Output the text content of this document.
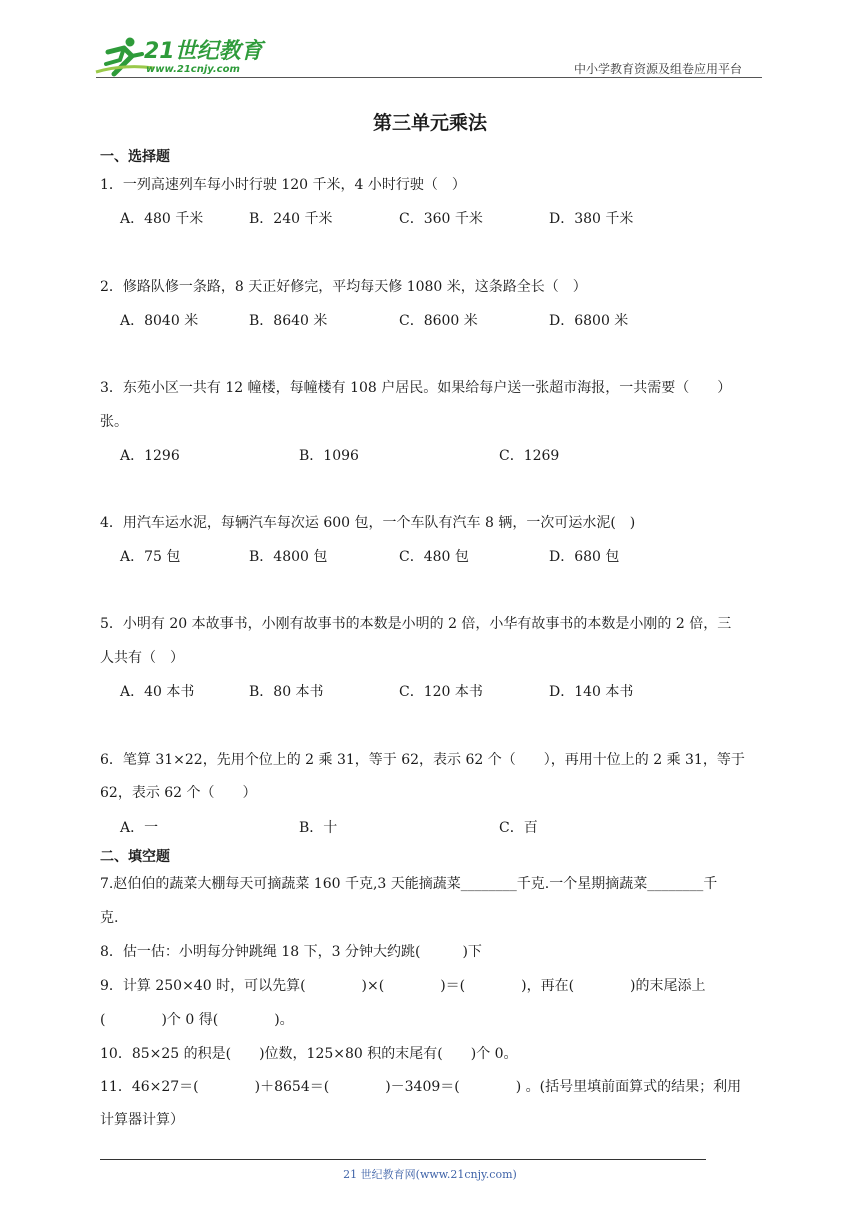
21世纪教育
www.21cnjy.com	中小学教育资源及组卷应用平台
第三单元乘法
一、选择题
1．一列高速列车每小时行驶 120 千米，4 小时行驶（　）
A．480 千米	B．240 千米	C．360 千米	D．380 千米
2．修路队修一条路，8 天正好修完，平均每天修 1080 米，这条路全长（　）
A．8040 米	B．8640 米	C．8600 米	D．6800 米
3．东苑小区一共有 12 幢楼，每幢楼有 108 户居民。如果给每户送一张超市海报，一共需要（　　）
张。
A．1296	B．1096	C．1269
4．用汽车运水泥，每辆汽车每次运 600 包，一个车队有汽车 8 辆，一次可运水泥(　)
A．75 包	B．4800 包	C．480 包	D．680 包
5．小明有 20 本故事书，小刚有故事书的本数是小明的 2 倍，小华有故事书的本数是小刚的 2 倍，三
人共有（　）
A．40 本书	B．80 本书	C．120 本书	D．140 本书
6．笔算 31×22，先用个位上的 2 乘 31，等于 62，表示 62 个（　　），再用十位上的 2 乘 31，等于
62，表示 62 个（　　）
A．一	B．十	C．百
二、填空题
7.赵伯伯的蔬菜大棚每天可摘蔬菜 160 千克,3 天能摘蔬菜________千克.一个星期摘蔬菜________千
克.
8．估一估：小明每分钟跳绳 18 下，3 分钟大约跳(　　　)下
9．计算 250×40 时，可以先算(　　　　)×(　　　　)＝(　　　　)，再在(　　　　)的末尾添上
(　　　　)个 0 得(　　　　)。
10．85×25 的积是(　　)位数，125×80 积的末尾有(　　)个 0。
11．46×27＝(　　　　)＋8654＝(　　　　)－3409＝(　　　　) 。(括号里填前面算式的结果；利用
计算器计算）
21 世纪教育网(www.21cnjy.com)
